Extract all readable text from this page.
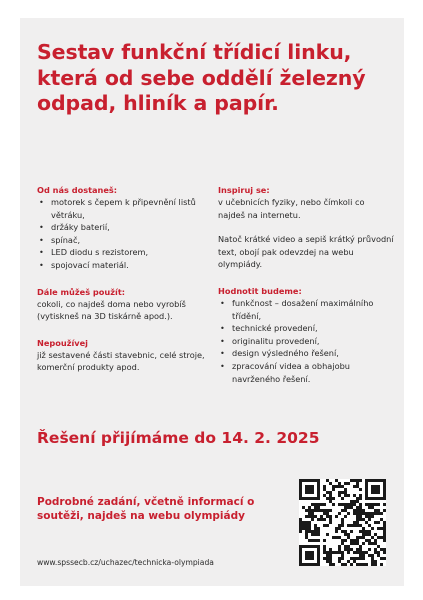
Sestav funkční třídicí linku, která od sebe oddělí železný odpad, hliník a papír.

Od nás dostaneš:

• motorek s čepem k připevnění listů větráku,
• držáky baterií,
• spínač,
• LED diodu s rezistorem,
• spojovací materiál.

Dále můžeš použít:

cokoli, co najdeš doma nebo vyrobíš (vytiskneš na 3D tiskárně apod.).

Nepoužívej

již sestavené části stavebnic, celé stroje, komerční produkty apod.

Inspiruj se:

v učebnicích fyziky, nebo čímkoli co najdeš na internetu.

Natoč krátké video a sepiš krátký průvodní text, obojí pak odevzdej na webu olympiády.

Hodnotit budeme:

• funkčnost – dosažení maximálního třídění,
• technické provedení,
• originalitu provedení,
• design výsledného řešení,
• zpracování videa a obhajobu navrženého řešení.

Řešení přijímáme do 14. 2. 2025

Podrobné zadání, včetně informací o soutěži, najdeš na webu olympiády

www.spssecb.cz/uchazec/technicka-olympiada
